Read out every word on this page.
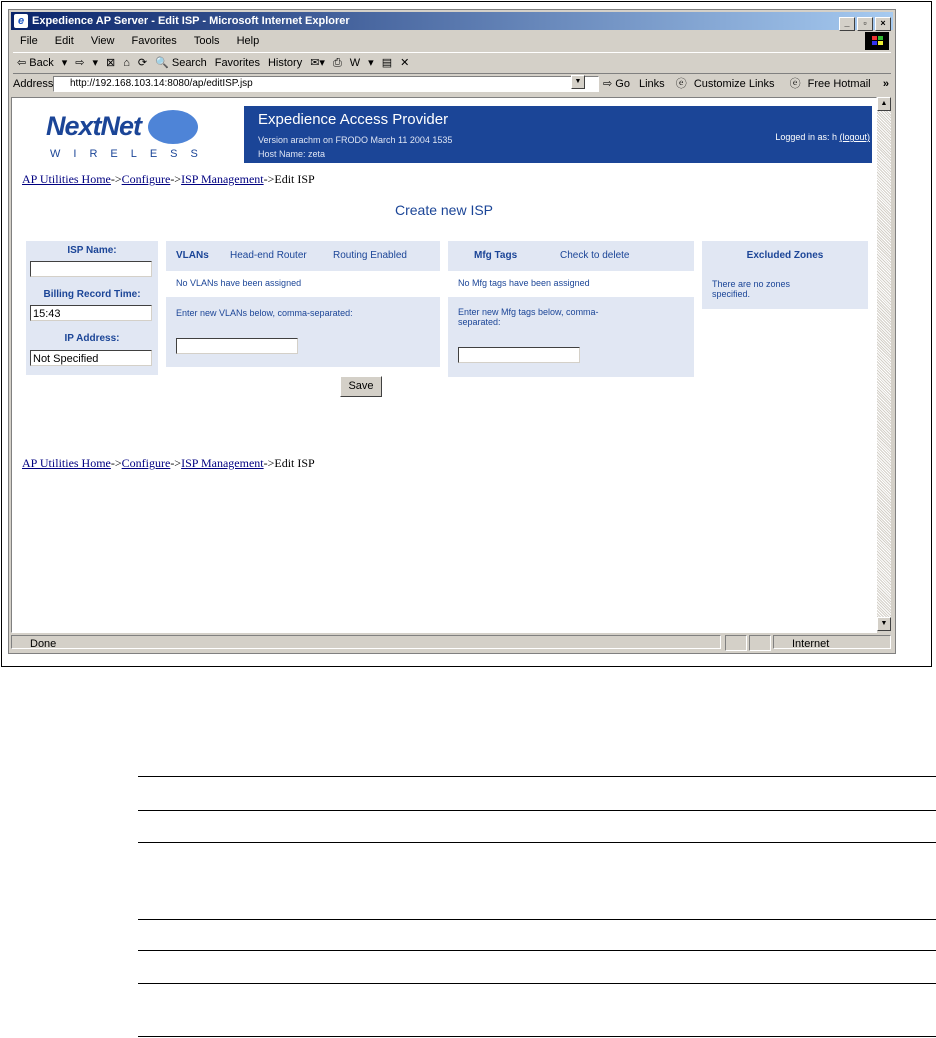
e Expedience AP Server - Edit ISP - Microsoft Internet Explorer	_ ▫ ×
File Edit View Favorites Tools Help
⇦ Back ▾ ⇨ ▾ ⊠ ⌂ ⟳ 🔍 Search Favorites History ✉▾ ⎙ W ▾ ▤ ✕
Address	http://192.168.103.14:8080/ap/editISP.jsp	▼	⇨ Go Links ⓔ Customize Links ⓔ Free Hotmail	»
NextNet
WIRELESS
Expedience Access Provider
Version arachm on FRODO March 11 2004 1535
Host Name: zeta
Logged in as: h (logout)
AP Utilities Home->Configure->ISP Management->Edit ISP
Create new ISP
ISP Name:
Billing Record Time:
15:43
IP Address:
Not Specified
VLANs Head-end Router	Routing Enabled
No VLANs have been assigned
Enter new VLANs below, comma-separated:
Mfg Tags	Check to delete
No Mfg tags have been assigned
Enter new Mfg tags below, comma-
separated:
Excluded Zones
There are no zones
specified.
Save
AP Utilities Home->Configure->ISP Management->Edit ISP
▲
▼
Done	Internet
